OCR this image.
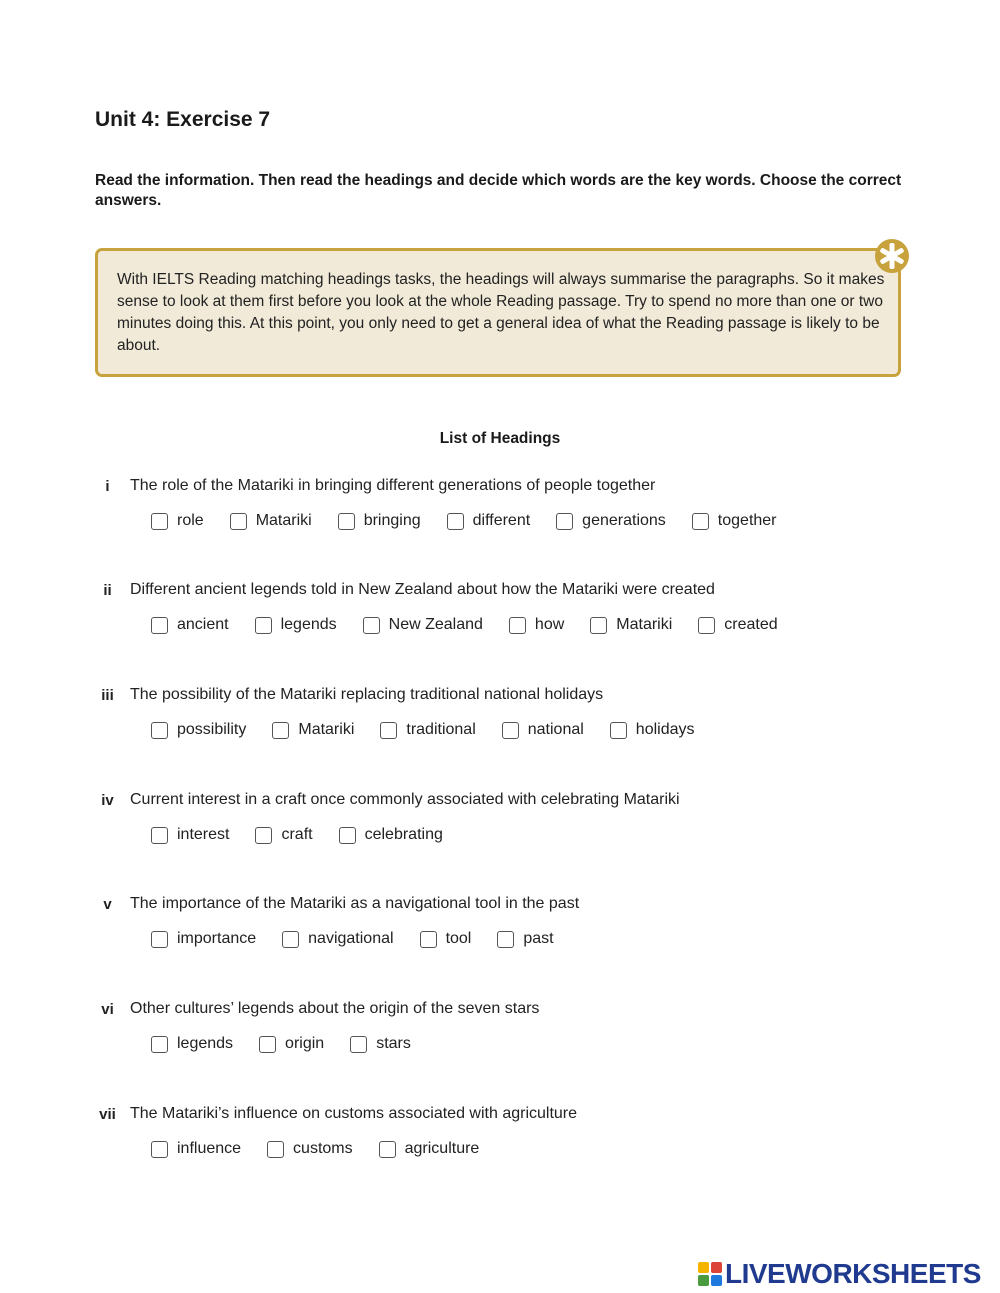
Unit 4: Exercise 7
Read the information. Then read the headings and decide which words are the key words. Choose the correct answers.
With IELTS Reading matching headings tasks, the headings will always summarise the paragraphs. So it makes sense to look at them first before you look at the whole Reading passage. Try to spend no more than one or two minutes doing this. At this point, you only need to get a general idea of what the Reading passage is likely to be about.
List of Headings
i	The role of the Matariki in bringing different generations of people together
role	Matariki	bringing	different	generations	together
ii	Different ancient legends told in New Zealand about how the Matariki were created
ancient	legends	New Zealand	how	Matariki	created
iii	The possibility of the Matariki replacing traditional national holidays
possibility	Matariki	traditional	national	holidays
iv	Current interest in a craft once commonly associated with celebrating Matariki
interest	craft	celebrating
v	The importance of the Matariki as a navigational tool in the past
importance	navigational	tool	past
vi	Other cultures’ legends about the origin of the seven stars
legends	origin	stars
vii The Matariki’s influence on customs associated with agriculture
influence	customs	agriculture
LIVEWORKSHEETS
